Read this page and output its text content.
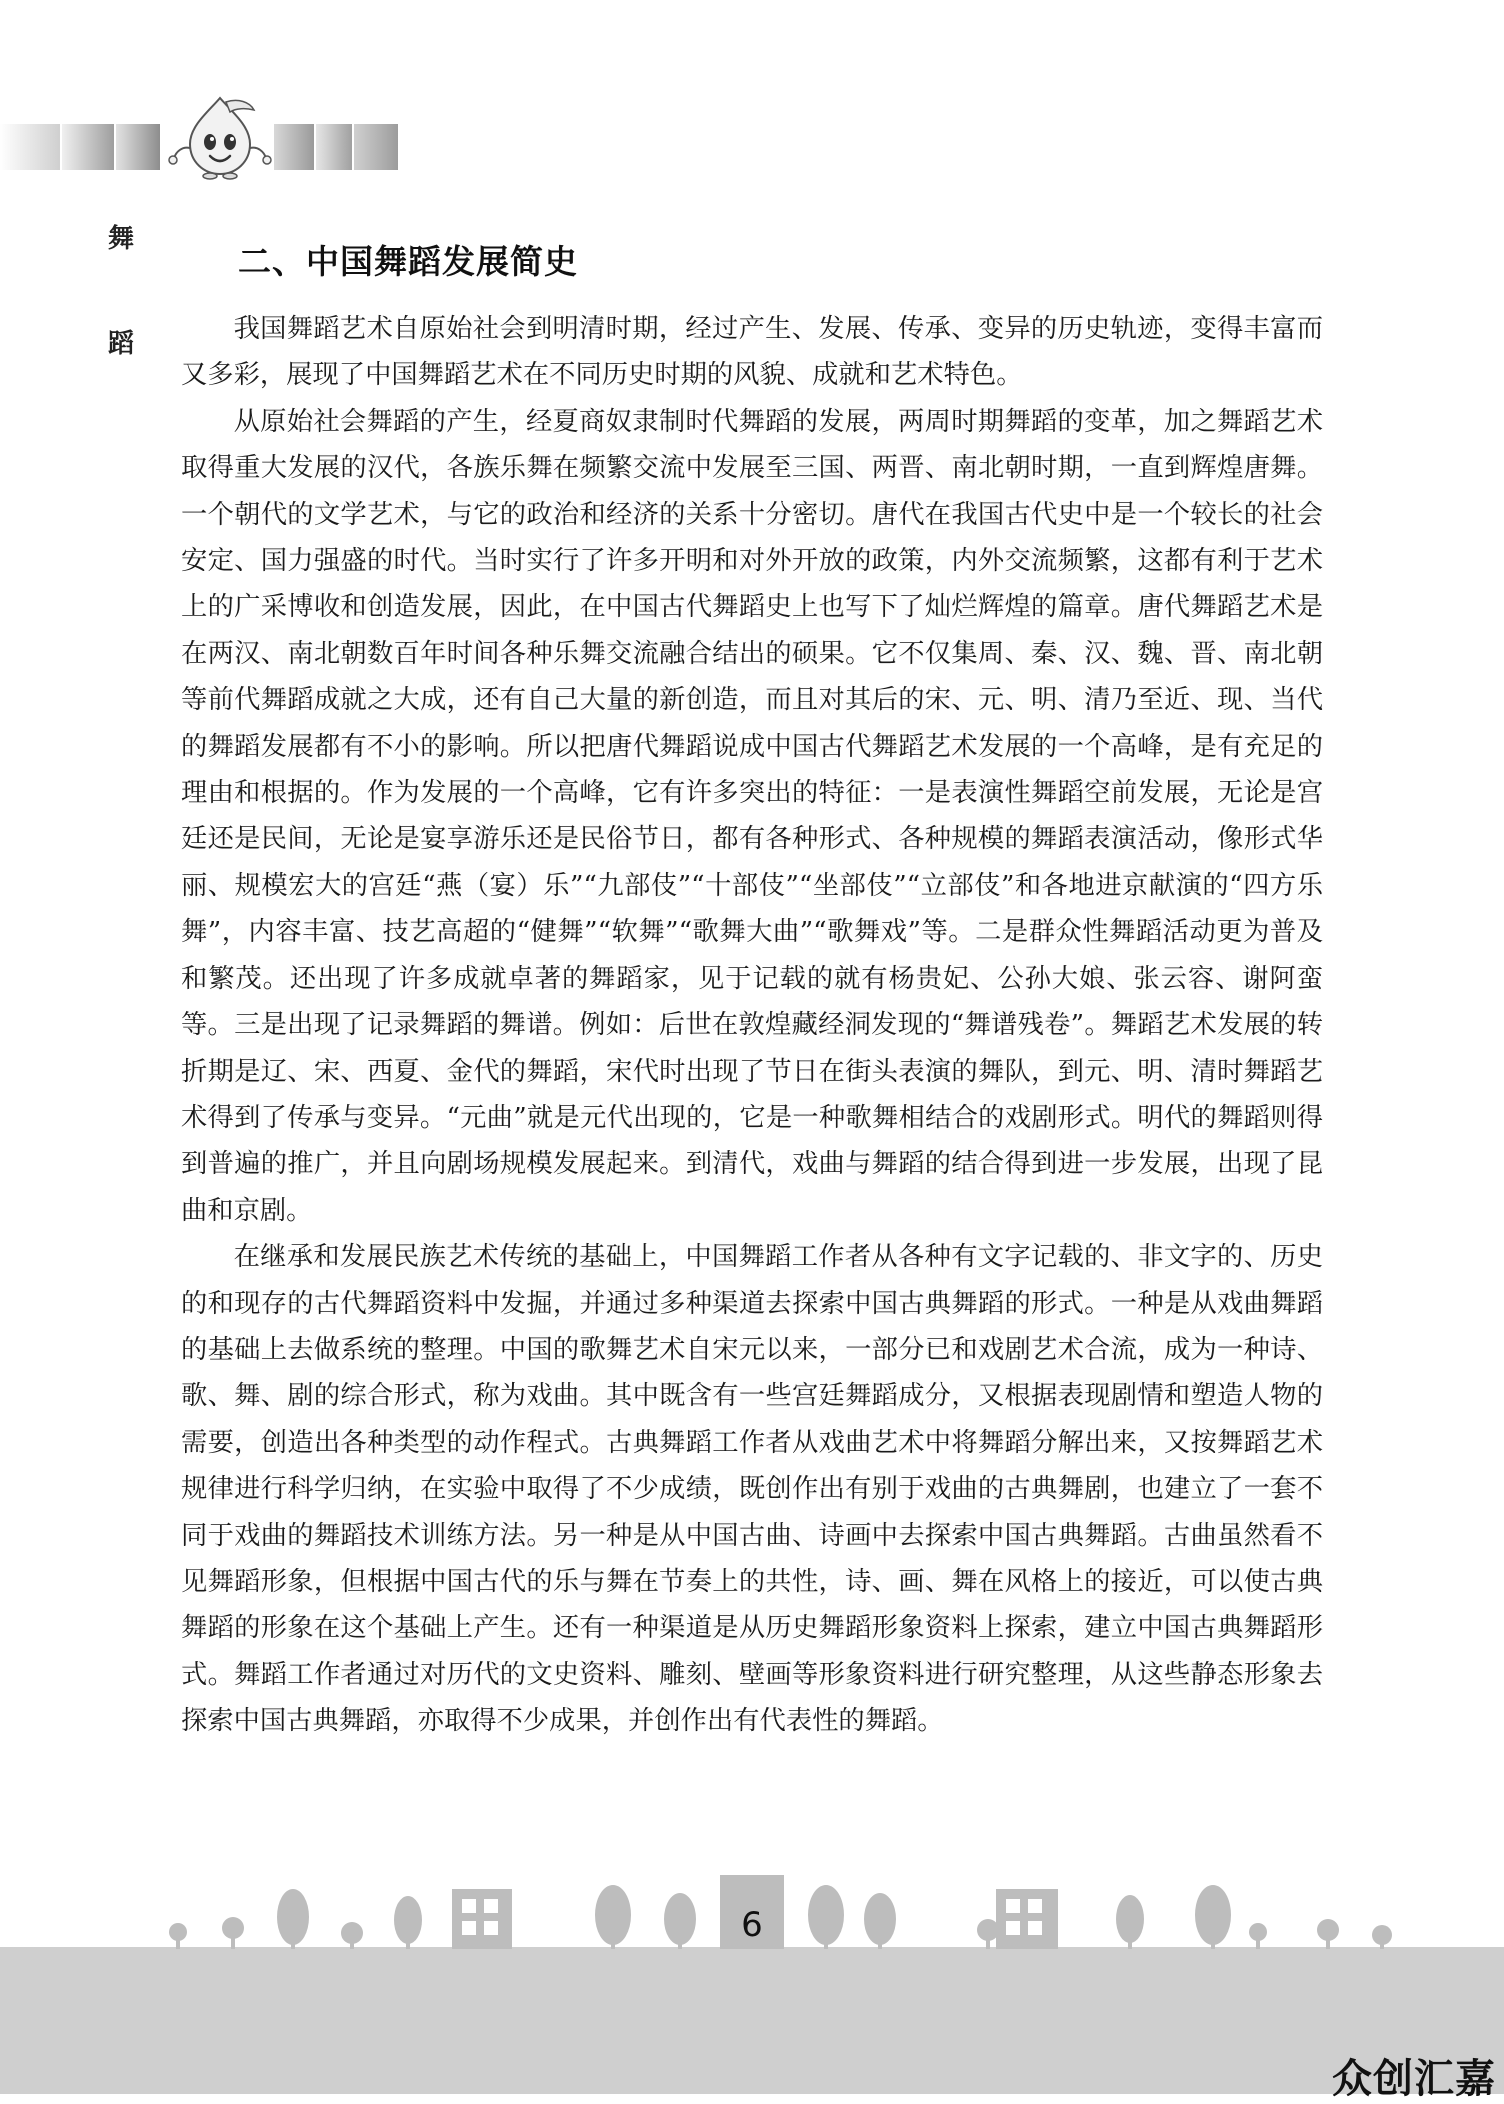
舞
蹈
二、中国舞蹈发展简史

我国舞蹈艺术自原始社会到明清时期，经过产生、发展、传承、变异的历史轨迹，变得丰富而又多彩，展现了中国舞蹈艺术在不同历史时期的风貌、成就和艺术特色。

从原始社会舞蹈的产生，经夏商奴隶制时代舞蹈的发展，两周时期舞蹈的变革，加之舞蹈艺术取得重大发展的汉代，各族乐舞在频繁交流中发展至三国、两晋、南北朝时期，一直到辉煌唐舞。一个朝代的文学艺术，与它的政治和经济的关系十分密切。唐代在我国古代史中是一个较长的社会安定、国力强盛的时代。当时实行了许多开明和对外开放的政策，内外交流频繁，这都有利于艺术上的广采博收和创造发展，因此，在中国古代舞蹈史上也写下了灿烂辉煌的篇章。唐代舞蹈艺术是在两汉、南北朝数百年时间各种乐舞交流融合结出的硕果。它不仅集周、秦、汉、魏、晋、南北朝等前代舞蹈成就之大成，还有自己大量的新创造，而且对其后的宋、元、明、清乃至近、现、当代的舞蹈发展都有不小的影响。所以把唐代舞蹈说成中国古代舞蹈艺术发展的一个高峰，是有充足的理由和根据的。作为发展的一个高峰，它有许多突出的特征：一是表演性舞蹈空前发展，无论是宫廷还是民间，无论是宴享游乐还是民俗节日，都有各种形式、各种规模的舞蹈表演活动，像形式华丽、规模宏大的宫廷“燕（宴）乐”“九部伎”“十部伎”“坐部伎”“立部伎”和各地进京献演的“四方乐舞”，内容丰富、技艺高超的“健舞”“软舞”“歌舞大曲”“歌舞戏”等。二是群众性舞蹈活动更为普及和繁茂。还出现了许多成就卓著的舞蹈家，见于记载的就有杨贵妃、公孙大娘、张云容、谢阿蛮等。三是出现了记录舞蹈的舞谱。例如：后世在敦煌藏经洞发现的“舞谱残卷”。舞蹈艺术发展的转折期是辽、宋、西夏、金代的舞蹈，宋代时出现了节日在街头表演的舞队，到元、明、清时舞蹈艺术得到了传承与变异。“元曲”就是元代出现的，它是一种歌舞相结合的戏剧形式。明代的舞蹈则得到普遍的推广，并且向剧场规模发展起来。到清代，戏曲与舞蹈的结合得到进一步发展，出现了昆曲和京剧。

在继承和发展民族艺术传统的基础上，中国舞蹈工作者从各种有文字记载的、非文字的、历史的和现存的古代舞蹈资料中发掘，并通过多种渠道去探索中国古典舞蹈的形式。一种是从戏曲舞蹈的基础上去做系统的整理。中国的歌舞艺术自宋元以来，一部分已和戏剧艺术合流，成为一种诗、歌、舞、剧的综合形式，称为戏曲。其中既含有一些宫廷舞蹈成分，又根据表现剧情和塑造人物的需要，创造出各种类型的动作程式。古典舞蹈工作者从戏曲艺术中将舞蹈分解出来，又按舞蹈艺术规律进行科学归纳，在实验中取得了不少成绩，既创作出有别于戏曲的古典舞剧，也建立了一套不同于戏曲的舞蹈技术训练方法。另一种是从中国古曲、诗画中去探索中国古典舞蹈。古曲虽然看不见舞蹈形象，但根据中国古代的乐与舞在节奏上的共性，诗、画、舞在风格上的接近，可以使古典舞蹈的形象在这个基础上产生。还有一种渠道是从历史舞蹈形象资料上探索，建立中国古典舞蹈形式。舞蹈工作者通过对历代的文史资料、雕刻、壁画等形象资料进行研究整理，从这些静态形象去探索中国古典舞蹈，亦取得不少成果，并创作出有代表性的舞蹈。

6
众创汇嘉
